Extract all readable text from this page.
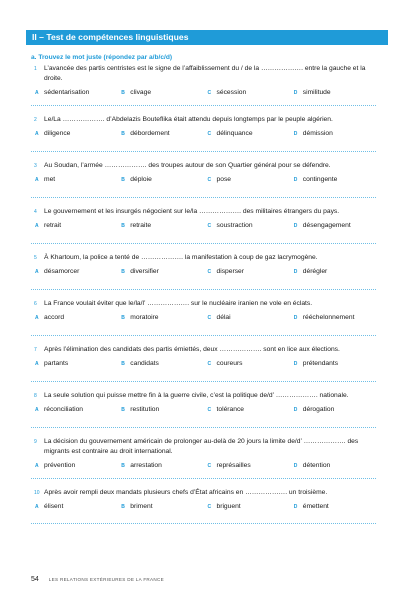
II – Test de compétences linguistiques
a. Trouvez le mot juste (répondez par a/b/c/d)
1	L’avancée des partis centristes est le signe de l’affaiblissement du / de la ………………. entre la gauche et la
droite.
A sédentarisation	B clivage	C sécession	D similitude
2	Le/La ………………. d’Abdelazis Bouteflika était attendu depuis longtemps par le peuple algérien.
A diligence	B débordement	C délinquance	D démission
3	Au Soudan, l’armée ………………. des troupes autour de son Quartier général pour se défendre.
A met	B déploie	C pose	D contingente
4	Le gouvernement et les insurgés négocient sur le/la ………………. des militaires étrangers du pays.
A retrait	B retraite	C soustraction	D désengagement
5	À Khartoum, la police a tenté de ………………. la manifestation à coup de gaz lacrymogène.
A désamorcer	B diversifier	C disperser	D dérégler
6	La France voulait éviter que le/la/l’ ………………. sur le nucléaire iranien ne vole en éclats.
A accord	B moratoire	C délai	D rééchelonnement
7	Après l’élimination des candidats des partis émiettés, deux ………………. sont en lice aux élections.
A partants	B candidats	C coureurs	D prétendants
8	La seule solution qui puisse mettre fin à la guerre civile, c’est la politique de/d’ ………………. nationale.
A réconciliation	B restitution	C tolérance	D dérogation
9	La décision du gouvernement américain de prolonger au-delà de 20 jours la limite de/d’ ………………. des
migrants est contraire au droit international.
A prévention	B arrestation	C représailles	D détention
10 Après avoir rempli deux mandats plusieurs chefs d’État africains en ………………. un troisième.
A élisent	B briment	C briguent	D émettent
54 LES RELATIONS EXTÉRIEURES DE LA FRANCE
